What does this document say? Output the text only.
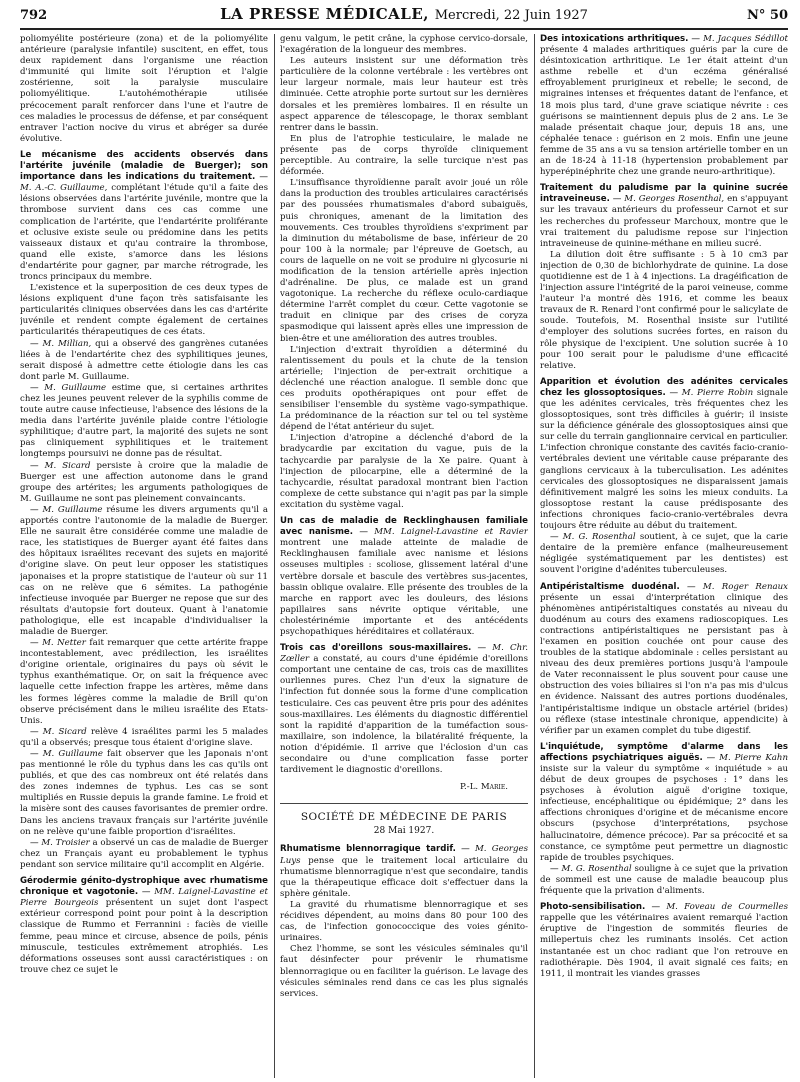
792	LA PRESSE MÉDICALE, Mercredi, 22 Juin 1927	N° 50

poliomyélite postérieure (zona) et de la poliomyélite antérieure (paralysie infantile) suscitent, en effet, tous deux rapidement dans l'organisme une réaction d'immunité qui limite soit l'éruption et l'algie zostérienne, soit la paralysie musculaire poliomyélitique. L'autohémothérapie utilisée précocement paraît renforcer dans l'une et l'autre de ces maladies le processus de défense, et par conséquent entraver l'action nocive du virus et abréger sa durée évolutive.

Le mécanisme des accidents observés dans l'artérite juvénile (maladie de Buerger); son importance dans les indications du traitement. — M. A.-C. Guillaume, complétant l'étude qu'il a faite des lésions observées dans l'artérite juvénile, montre que la thrombose survient dans ces cas comme une complication de l'artérite, que l'endartérite proliférante et oclusive existe seule ou prédomine dans les petits vaisseaux distaux et qu'au contraire la thrombose, quand elle existe, s'amorce dans les lésions d'endartérite pour gagner, par marche rétrograde, les troncs principaux du membre.

L'existence et la superposition de ces deux types de lésions expliquent d'une façon très satisfaisante les particularités cliniques observées dans les cas d'artérite juvénile et rendent compte également de certaines particularités thérapeutiques de ces états.

— M. Millian, qui a observé des gangrènes cutanées liées à de l'endartérite chez des syphilitiques jeunes, serait disposé à admettre cette étiologie dans les cas dont parle M. Guillaume.

— M. Guillaume estime que, si certaines arthrites chez les jeunes peuvent relever de la syphilis comme de toute autre cause infectieuse, l'absence des lésions de la media dans l'artérite juvénile plaide contre l'étiologie syphilitique; d'autre part, la majorité des sujets ne sont pas cliniquement syphilitiques et le traitement longtemps poursuivi ne donne pas de résultat.

— M. Sicard persiste à croire que la maladie de Buerger est une affection autonome dans le grand groupe des artérites; les arguments pathologiques de M. Guillaume ne sont pas pleinement convaincants.

— M. Guillaume résume les divers arguments qu'il a apportés contre l'autonomie de la maladie de Buerger. Elle ne saurait être considérée comme une maladie de race, les statistiques de Buerger ayant été faites dans des hôpitaux israélites recevant des sujets en majorité d'origine slave. On peut leur opposer les statistiques japonaises et la propre statistique de l'auteur où sur 11 cas on ne relève que 6 sémites. La pathogénie infectieuse invoquée par Buerger ne repose que sur des résultats d'autopsie fort douteux. Quant à l'anatomie pathologique, elle est incapable d'individualiser la maladie de Buerger.

— M. Netter fait remarquer que cette artérite frappe incontestablement, avec prédilection, les israélites d'origine orientale, originaires du pays où sévit le typhus exanthématique. Or, on sait la fréquence avec laquelle cette infection frappe les artères, même dans les formes légères comme la maladie de Brill qu'on observe précisément dans le milieu israélite des Etats-Unis.

— M. Sicard relève 4 israélites parmi les 5 malades qu'il a observés; presque tous étaient d'origine slave.

— M. Guillaume fait observer que les Japonais n'ont pas mentionné le rôle du typhus dans les cas qu'ils ont publiés, et que des cas nombreux ont été relatés dans des zones indemnes de typhus. Les cas se sont multipliés en Russie depuis la grande famine. Le froid et la misère sont des causes favorisantes de premier ordre. Dans les anciens travaux français sur l'artérite juvénile on ne relève qu'une faible proportion d'israélites.

— M. Troisier a observé un cas de maladie de Buerger chez un Français ayant eu probablement le typhus pendant son service militaire qu'il accomplit en Algérie.

Gérodermie génito-dystrophique avec rhumatisme chronique et vagotonie. — MM. Laignel-Lavastine et Pierre Bourgeois présentent un sujet dont l'aspect extérieur correspond point pour point à la description classique de Rummo et Ferrannini : faciès de vieille femme, peau mince et circuse, absence de poils, pénis minuscule, testicules extrêmement atrophiés. Les déformations osseuses sont aussi caractéristiques : on trouve chez ce sujet le

genu valgum, le petit crâne, la cyphose cervico-dorsale, l'exagération de la longueur des membres.

Les auteurs insistent sur une déformation très particulière de la colonne vertébrale : les vertèbres ont leur largeur normale, mais leur hauteur est très diminuée. Cette atrophie porte surtout sur les dernières dorsales et les premières lombaires. Il en résulte un aspect apparence de télescopage, le thorax semblant rentrer dans le bassin.

En plus de l'atrophie testiculaire, le malade ne présente pas de corps thyroïde cliniquement perceptible. Au contraire, la selle turcique n'est pas déformée.

L'insuffisance thyroïdienne paraît avoir joué un rôle dans la production des troubles articulaires caractérisés par des poussées rhumatismales d'abord subaiguës, puis chroniques, amenant de la limitation des mouvements. Ces troubles thyroïdiens s'expriment par la diminution du métabolisme de base, inférieur de 20 pour 100 à la normale; par l'épreuve de Goetsch, au cours de laquelle on ne voit se produire ni glycosurie ni modification de la tension artérielle après injection d'adrénaline. De plus, ce malade est un grand vagotonique. La recherche du réflexe oculo-cardiaque détermine l'arrêt complet du cœur. Cette vagotonie se traduit en clinique par des crises de coryza spasmodique qui laissent après elles une impression de bien-être et une amélioration des autres troubles.

L'injection d'extrait thyroïdien a déterminé du ralentissement du pouls et la chute de la tension artérielle; l'injection de per-extrait orchitique a déclenché une réaction analogue. Il semble donc que ces produits opothérapiques ont pour effet de sensibiliser l'ensemble du système vago-sympathique. La prédominance de la réaction sur tel ou tel système dépend de l'état antérieur du sujet.

L'injection d'atropine a déclenché d'abord de la bradycardie par excitation du vague, puis de la tachycardie par paralysie de la Xe paire. Quant à l'injection de pilocarpine, elle a déterminé de la tachycardie, résultat paradoxal montrant bien l'action complexe de cette substance qui n'agit pas par la simple excitation du système vagal.

Un cas de maladie de Recklinghausen familiale avec nanisme. — MM. Laignel-Lavastine et Ravier montrent une malade atteinte de maladie de Recklinghausen familiale avec nanisme et lésions osseuses multiples : scoliose, glissement latéral d'une vertèbre dorsale et bascule des vertèbres sus-jacentes, bassin oblique ovalaire. Elle présente des troubles de la marche en rapport avec les douleurs, des lésions papillaires sans névrite optique véritable, une cholestérinémie importante et des antécédents psychopathiques héréditaires et collatéraux.

Trois cas d'oreillons sous-maxillaires. — M. Chr. Zœller a constaté, au cours d'une épidémie d'oreillons comportant une centaine de cas, trois cas de maxillites ourliennes pures. Chez l'un d'eux la signature de l'infection fut donnée sous la forme d'une complication testiculaire. Ces cas peuvent être pris pour des adénites sous-maxillaires. Les éléments du diagnostic différentiel sont la rapidité d'apparition de la tuméfaction sous-maxillaire, son indolence, la bilatéralité fréquente, la notion d'épidémie. Il arrive que l'éclosion d'un cas secondaire ou d'une complication fasse porter tardivement le diagnostic d'oreillons.

P.-L. Marie.
SOCIÉTÉ DE MÉDECINE DE PARIS
28 Mai 1927.

Rhumatisme blennorragique tardif. — M. Georges Luys pense que le traitement local articulaire du rhumatisme blennorragique n'est que secondaire, tandis que la thérapeutique efficace doit s'effectuer dans la sphère génitale.

La gravité du rhumatisme blennorragique et ses récidives dépendent, au moins dans 80 pour 100 des cas, de l'infection gonococcique des voies génito-urinaires.

Chez l'homme, se sont les vésicules séminales qu'il faut désinfecter pour prévenir le rhumatisme blennorragique ou en faciliter la guérison. Le lavage des vésicules séminales rend dans ce cas les plus signalés services.

Des intoxications arthritiques. — M. Jacques Sédillot présente 4 malades arthritiques guéris par la cure de désintoxication arthritique. Le 1er était atteint d'un asthme rebelle et d'un eczéma généralisé effroyablement prurigineux et rebelle; le second, de migraines intenses et fréquentes datant de l'enfance, et 18 mois plus tard, d'une grave sciatique névrite : ces guérisons se maintiennent depuis plus de 2 ans. Le 3e malade présentait chaque jour, depuis 18 ans, une céphalée tenace : guérison en 2 mois. Enfin une jeune femme de 35 ans a vu sa tension artérielle tomber en un an de 18-24 à 11-18 (hypertension probablement par hyperépinéphrite chez une grande neuro-arthritique).

Traitement du paludisme par la quinine sucrée intraveineuse. — M. Georges Rosenthal, en s'appuyant sur les travaux antérieurs du professeur Carnot et sur les recherches du professeur Marchoux, montre que le vrai traitement du paludisme repose sur l'injection intraveineuse de quinine-méthane en milieu sucré.

La dilution doit être suffisante : 5 à 10 cm3 par injection de 0,30 de bichlorhydrate de quinine. La dose quotidienne est de 1 à 4 injections. La dragéification de l'injection assure l'intégrité de la paroi veineuse, comme l'auteur l'a montré dès 1916, et comme les beaux travaux de R. Renard l'ont confirmé pour le salicylate de soude. Toutefois, M. Rosenthal insiste sur l'utilité d'employer des solutions sucrées fortes, en raison du rôle physique de l'excipient. Une solution sucrée à 10 pour 100 serait pour le paludisme d'une efficacité relative.

Apparition et évolution des adénites cervicales chez les glossoptosiques. — M. Pierre Robin signale que les adénites cervicales, très fréquentes chez les glossoptosiques, sont très difficiles à guérir; il insiste sur la déficience générale des glossoptosiques ainsi que sur celle du terrain ganglionnaire cervical en particulier. L'infection chronique constante des cavités facio-cranio-vertébrales devient une véritable cause préparante des ganglions cervicaux à la tuberculisation. Les adénites cervicales des glossoptosiques ne disparaissent jamais définitivement malgré les soins les mieux conduits. La glossoptose restant la cause prédisposante des infections chroniques facio-cranio-vertébrales devra toujours être réduite au début du traitement.

— M. G. Rosenthal soutient, à ce sujet, que la carie dentaire de la première enfance (malheureusement négligée systématiquement par les dentistes) est souvent l'origine d'adénites tuberculeuses.

Antipéristaltisme duodénal. — M. Roger Renaux présente un essai d'interprétation clinique des phénomènes antipéristaltiques constatés au niveau du duodénum au cours des examens radioscopiques. Les contractions antipéristaltiques ne persistant pas à l'examen en position couchée ont pour cause des troubles de la statique abdominale : celles persistant au niveau des deux premières portions jusqu'à l'ampoule de Vater reconnaissent le plus souvent pour cause une obstruction des voies biliaires si l'on n'a pas mis d'ulcus en évidence. Naissant des autres portions duodénales, l'antipéristaltisme indique un obstacle artériel (brides) ou réflexe (stase intestinale chronique, appendicite) à vérifier par un examen complet du tube digestif.

L'inquiétude, symptôme d'alarme dans les affections psychiatriques aiguës. — M. Pierre Kahn insiste sur la valeur du symptôme « inquiétude » au début de deux groupes de psychoses : 1° dans les psychoses à évolution aiguë d'origine toxique, infectieuse, encéphalitique ou épidémique; 2° dans les affections chroniques d'origine et de mécanisme encore obscurs (psychose d'interprétations, psychose hallucinatoire, démence précoce). Par sa précocité et sa constance, ce symptôme peut permettre un diagnostic rapide de troubles psychiques.

— M. G. Rosenthal souligne à ce sujet que la privation de sommeil est une cause de maladie beaucoup plus fréquente que la privation d'aliments.

Photo-sensibilisation. — M. Foveau de Courmelles rappelle que les vétérinaires avaient remarqué l'action éruptive de l'ingestion de sommités fleuries de millepertuis chez les ruminants insolés. Cet action instantanée est un choc radiant que l'on retrouve en radiothérapie. Dès 1904, il avait signalé ces faits; en 1911, il montrait les viandes grasses
